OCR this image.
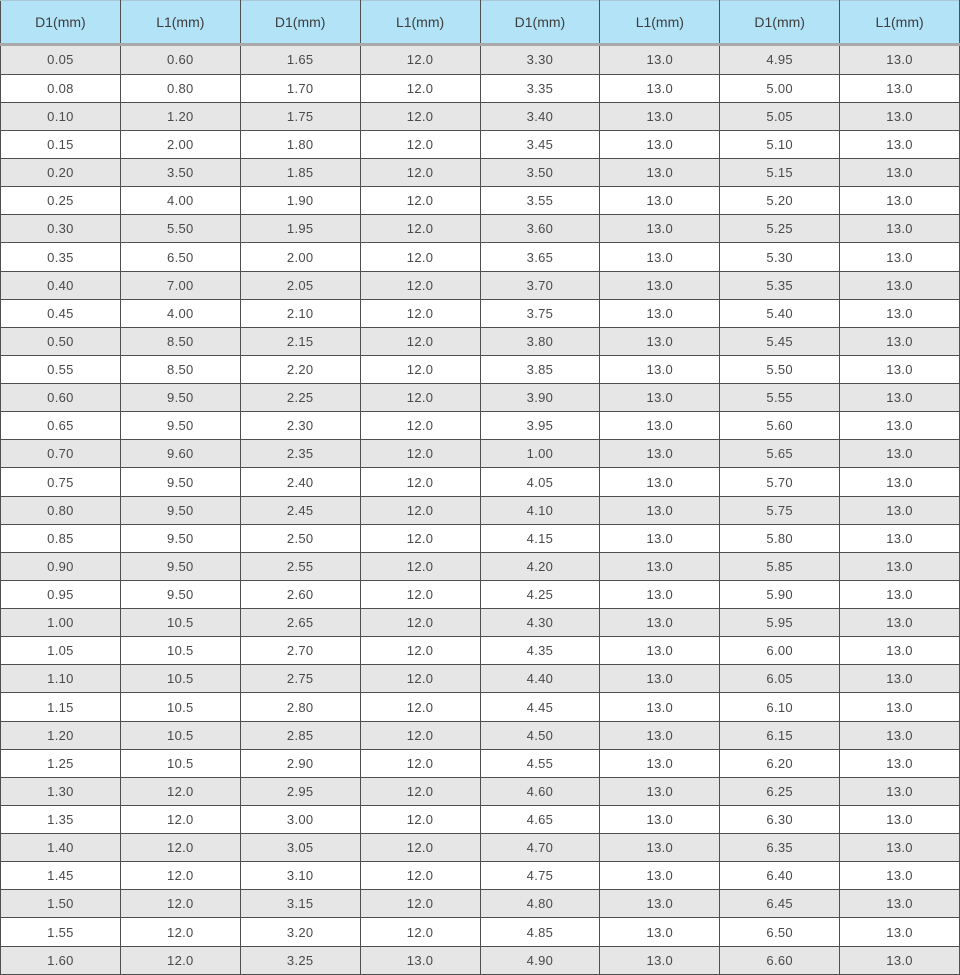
D1(mm)	L1(mm)	D1(mm)	L1(mm)	D1(mm)	L1(mm)	D1(mm)	L1(mm)
0.05	0.60	1.65	12.0	3.30	13.0	4.95	13.0
0.08	0.80	1.70	12.0	3.35	13.0	5.00	13.0
0.10	1.20	1.75	12.0	3.40	13.0	5.05	13.0
0.15	2.00	1.80	12.0	3.45	13.0	5.10	13.0
0.20	3.50	1.85	12.0	3.50	13.0	5.15	13.0
0.25	4.00	1.90	12.0	3.55	13.0	5.20	13.0
0.30	5.50	1.95	12.0	3.60	13.0	5.25	13.0
0.35	6.50	2.00	12.0	3.65	13.0	5.30	13.0
0.40	7.00	2.05	12.0	3.70	13.0	5.35	13.0
0.45	4.00	2.10	12.0	3.75	13.0	5.40	13.0
0.50	8.50	2.15	12.0	3.80	13.0	5.45	13.0
0.55	8.50	2.20	12.0	3.85	13.0	5.50	13.0
0.60	9.50	2.25	12.0	3.90	13.0	5.55	13.0
0.65	9.50	2.30	12.0	3.95	13.0	5.60	13.0
0.70	9.60	2.35	12.0	1.00	13.0	5.65	13.0
0.75	9.50	2.40	12.0	4.05	13.0	5.70	13.0
0.80	9.50	2.45	12.0	4.10	13.0	5.75	13.0
0.85	9.50	2.50	12.0	4.15	13.0	5.80	13.0
0.90	9.50	2.55	12.0	4.20	13.0	5.85	13.0
0.95	9.50	2.60	12.0	4.25	13.0	5.90	13.0
1.00	10.5	2.65	12.0	4.30	13.0	5.95	13.0
1.05	10.5	2.70	12.0	4.35	13.0	6.00	13.0
1.10	10.5	2.75	12.0	4.40	13.0	6.05	13.0
1.15	10.5	2.80	12.0	4.45	13.0	6.10	13.0
1.20	10.5	2.85	12.0	4.50	13.0	6.15	13.0
1.25	10.5	2.90	12.0	4.55	13.0	6.20	13.0
1.30	12.0	2.95	12.0	4.60	13.0	6.25	13.0
1.35	12.0	3.00	12.0	4.65	13.0	6.30	13.0
1.40	12.0	3.05	12.0	4.70	13.0	6.35	13.0
1.45	12.0	3.10	12.0	4.75	13.0	6.40	13.0
1.50	12.0	3.15	12.0	4.80	13.0	6.45	13.0
1.55	12.0	3.20	12.0	4.85	13.0	6.50	13.0
1.60	12.0	3.25	13.0	4.90	13.0	6.60	13.0
